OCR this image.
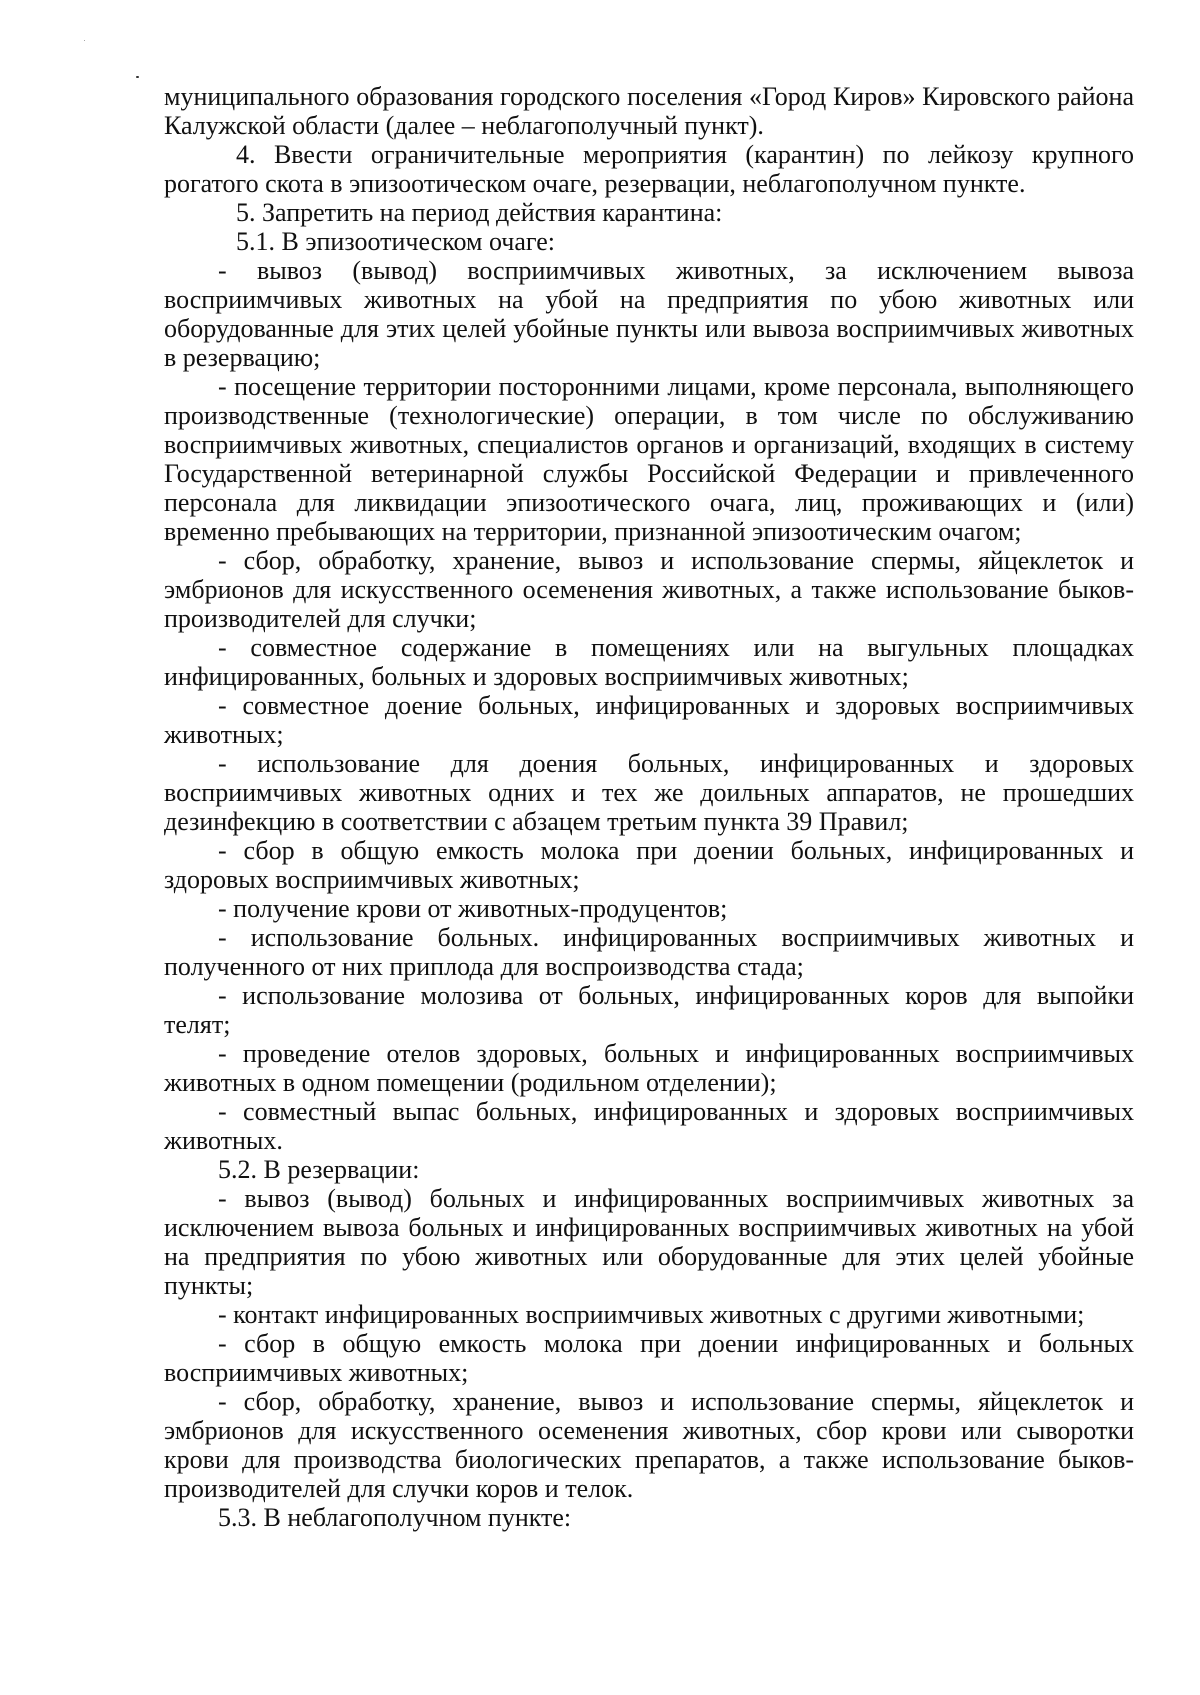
муниципального образования городского поселения «Город Киров» Кировского района Калужской области (далее – неблагополучный пункт).

4. Ввести ограничительные мероприятия (карантин) по лейкозу крупного рогатого скота в эпизоотическом очаге, резервации, неблагополучном пункте.

5. Запретить на период действия карантина:

5.1. В эпизоотическом очаге:

- вывоз (вывод) восприимчивых животных, за исключением вывоза восприимчивых животных на убой на предприятия по убою животных или оборудованные для этих целей убойные пункты или вывоза восприимчивых животных в резервацию;

- посещение территории посторонними лицами, кроме персонала, выполняющего производственные (технологические) операции, в том числе по обслуживанию восприимчивых животных, специалистов органов и организаций, входящих в систему Государственной ветеринарной службы Российской Федерации и привлеченного персонала для ликвидации эпизоотического очага, лиц, проживающих и (или) временно пребывающих на территории, признанной эпизоотическим очагом;

- сбор, обработку, хранение, вывоз и использование спермы, яйцеклеток и эмбрионов для искусственного осеменения животных, а также использование быков-производителей для случки;

- совместное содержание в помещениях или на выгульных площадках инфицированных, больных и здоровых восприимчивых животных;

- совместное доение больных, инфицированных и здоровых восприимчивых животных;

- использование для доения больных, инфицированных и здоровых восприимчивых животных одних и тех же доильных аппаратов, не прошедших дезинфекцию в соответствии с абзацем третьим пункта 39 Правил;

- сбор в общую емкость молока при доении больных, инфицированных и здоровых восприимчивых животных;

- получение крови от животных-продуцентов;

- использование больных. инфицированных восприимчивых животных и полученного от них приплода для воспроизводства стада;

- использование молозива от больных, инфицированных коров для выпойки телят;

- проведение отелов здоровых, больных и инфицированных восприимчивых животных в одном помещении (родильном отделении);

- совместный выпас больных, инфицированных и здоровых восприимчивых животных.

5.2. В резервации:

- вывоз (вывод) больных и инфицированных восприимчивых животных за исключением вывоза больных и инфицированных восприимчивых животных на убой на предприятия по убою животных или оборудованные для этих целей убойные пункты;

- контакт инфицированных восприимчивых животных с другими животными;

- сбор в общую емкость молока при доении инфицированных и больных восприимчивых животных;

- сбор, обработку, хранение, вывоз и использование спермы, яйцеклеток и эмбрионов для искусственного осеменения животных, сбор крови или сыворотки крови для производства биологических препаратов, а также использование быков-производителей для случки коров и телок.

5.3. В неблагополучном пункте:
